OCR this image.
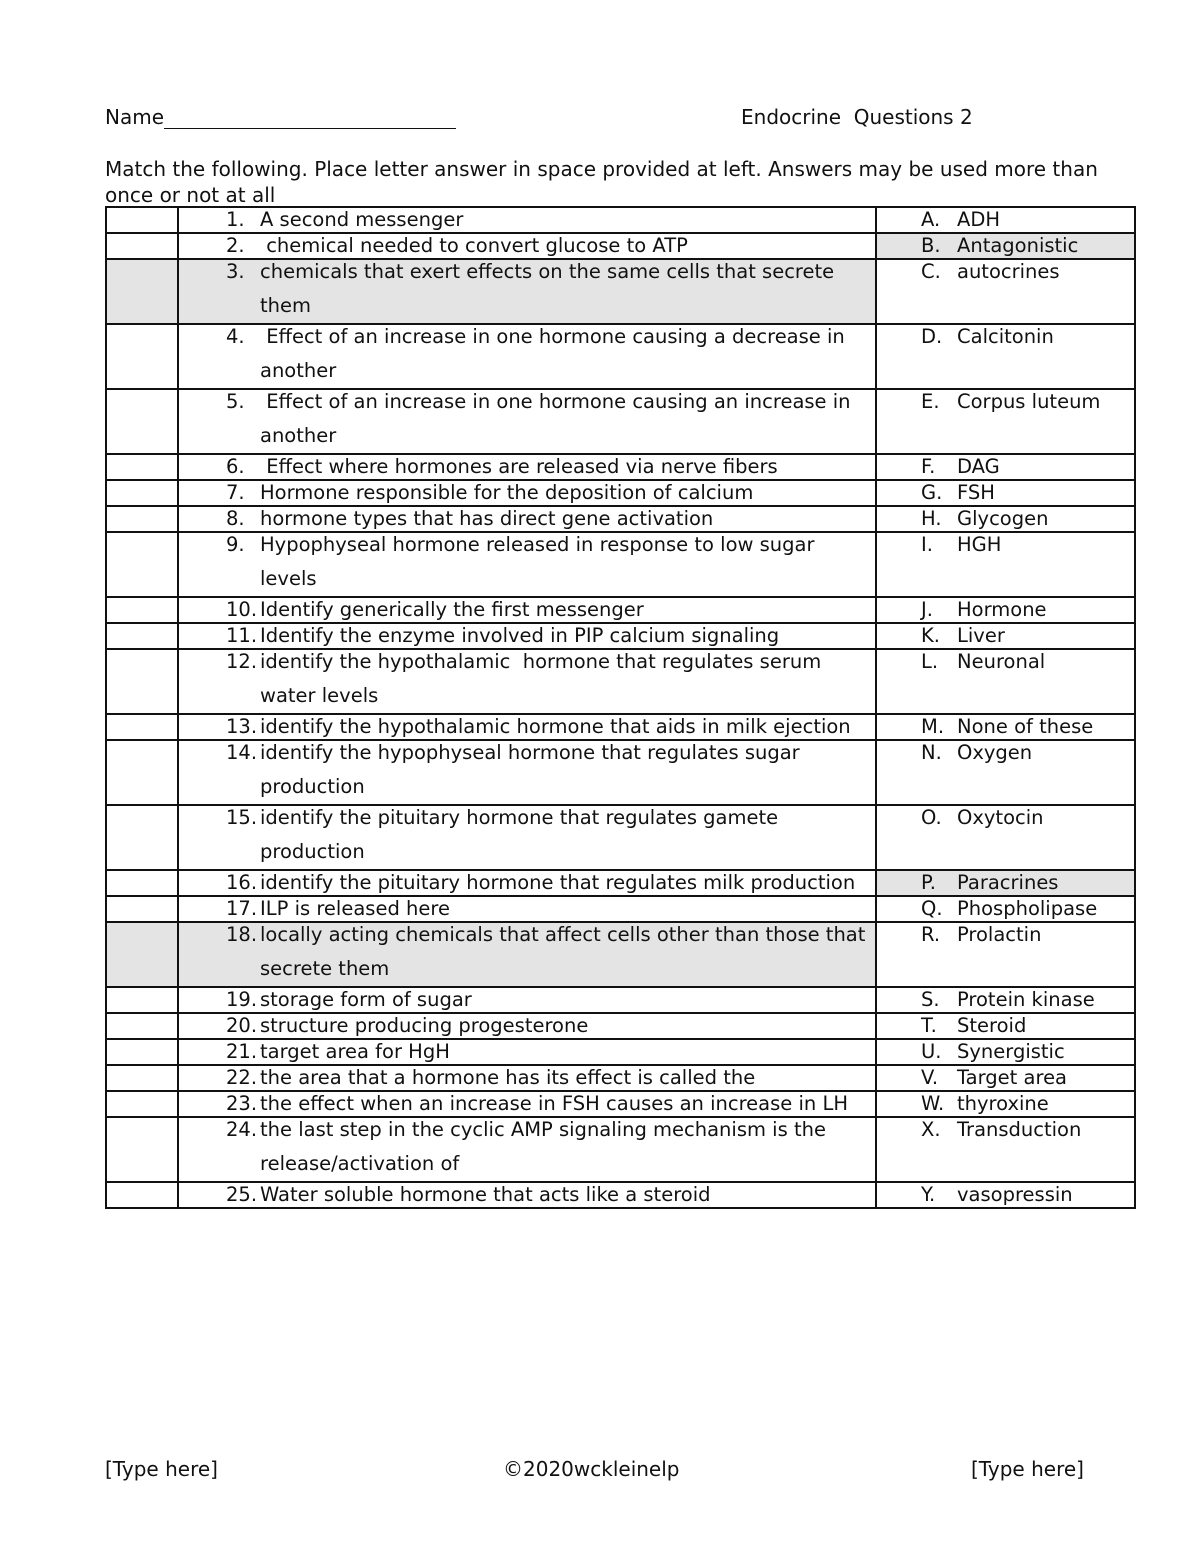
Name	Endocrine  Questions 2
Match the following. Place letter answer in space provided at left. Answers may be used more than once or not at all

	1. A second messenger	A. ADH

	2. chemical needed to convert glucose to ATP	B. Antagonistic

	3. chemicals that exert effects on the same cells that secrete them	C. autocrines

	4. Effect of an increase in one hormone causing a decrease in another	D. Calcitonin

	5. Effect of an increase in one hormone causing an increase in another	E. Corpus luteum

	6. Effect where hormones are released via nerve fibers	F. DAG

	7. Hormone responsible for the deposition of calcium	G. FSH

	8. hormone types that has direct gene activation	H. Glycogen

	9. Hypophyseal hormone released in response to low sugar levels	I. HGH

	10. Identify generically the first messenger	J. Hormone

	11. Identify the enzyme involved in PIP calcium signaling	K. Liver

	12. identify the hypothalamic  hormone that regulates serum water levels	L. Neuronal

	13. identify the hypothalamic hormone that aids in milk ejection	M. None of these

	14. identify the hypophyseal hormone that regulates sugar production	N. Oxygen

	15. identify the pituitary hormone that regulates gamete production	O. Oxytocin

	16. identify the pituitary hormone that regulates milk production	P. Paracrines

	17. ILP is released here	Q. Phospholipase

	18. locally acting chemicals that affect cells other than those that secrete them	R. Prolactin

	19. storage form of sugar	S. Protein kinase

	20. structure producing progesterone	T. Steroid

	21. target area for HgH	U. Synergistic

	22. the area that a hormone has its effect is called the	V. Target area

	23. the effect when an increase in FSH causes an increase in LH	W. thyroxine

	24. the last step in the cyclic AMP signaling mechanism is the release/activation of	X. Transduction

	25. Water soluble hormone that acts like a steroid	Y. vasopressin
[Type here]	©2020wckleinelp	[Type here]
